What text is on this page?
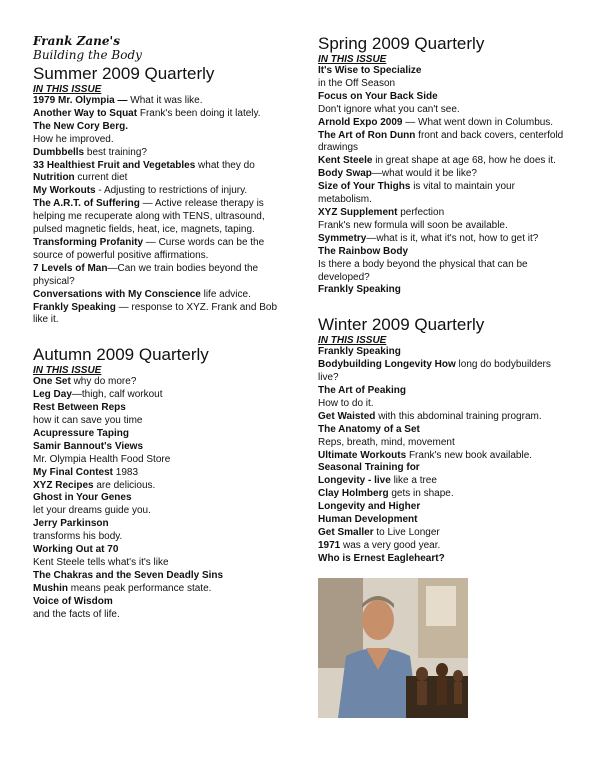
Frank Zane's
Building the Body
Summer 2009 Quarterly
IN THIS ISSUE
1979 Mr. Olympia — What it was like.
Another Way to Squat Frank's been doing it lately.
The New Cory Berg.
How he improved.
Dumbbells best training?
33 Healthiest Fruit and Vegetables what they do
Nutrition current diet
My Workouts - Adjusting to restrictions of injury.
The A.R.T. of Suffering — Active release therapy is helping me recuperate along with TENS, ultrasound, pulsed magnetic fields, heat, ice, magnets, taping.
Transforming Profanity — Curse words can be the source of powerful positive affirmations.
7 Levels of Man—Can we train bodies beyond the physical?
Conversations with My Conscience life advice.
Frankly Speaking — response to XYZ. Frank and Bob like it.
Autumn 2009 Quarterly
IN THIS ISSUE
One Set why do more?
Leg Day—thigh, calf workout
Rest Between Reps
how it can save you time
Acupressure Taping
Samir Bannout's Views
Mr. Olympia Health Food Store
My Final Contest 1983
XYZ Recipes are delicious.
Ghost in Your Genes
let your dreams guide you.
Jerry Parkinson
transforms his body.
Working Out at 70
Kent Steele tells what's it's like
The Chakras and the Seven Deadly Sins
Mushin means peak performance state.
Voice of Wisdom
and the facts of life.
Spring 2009 Quarterly
IN THIS ISSUE
It's Wise to Specialize
in the Off Season
Focus on Your Back Side
Don't ignore what you can't see.
Arnold Expo 2009 — What went down in Columbus.
The Art of Ron Dunn front and back covers, centerfold drawings
Kent Steele in great shape at age 68, how he does it.
Body Swap—what would it be like?
Size of Your Thighs is vital to maintain your metabolism.
XYZ Supplement perfection
Frank's new formula will soon be available.
Symmetry—what is it, what it's not, how to get it?
The Rainbow Body
Is there a body beyond the physical that can be developed?
Frankly Speaking
Winter 2009 Quarterly
IN THIS ISSUE
Frankly Speaking
Bodybuilding Longevity How long do bodybuilders live?
The Art of Peaking
How to do it.
Get Waisted with this abdominal training program.
The Anatomy of a Set
Reps, breath, mind, movement
Ultimate Workouts Frank's new book available.
Seasonal Training for
Longevity - live like a tree
Clay Holmberg gets in shape.
Longevity and Higher
Human Development
Get Smaller to Live Longer
1971 was a very good year.
Who is Ernest Eagleheart?
